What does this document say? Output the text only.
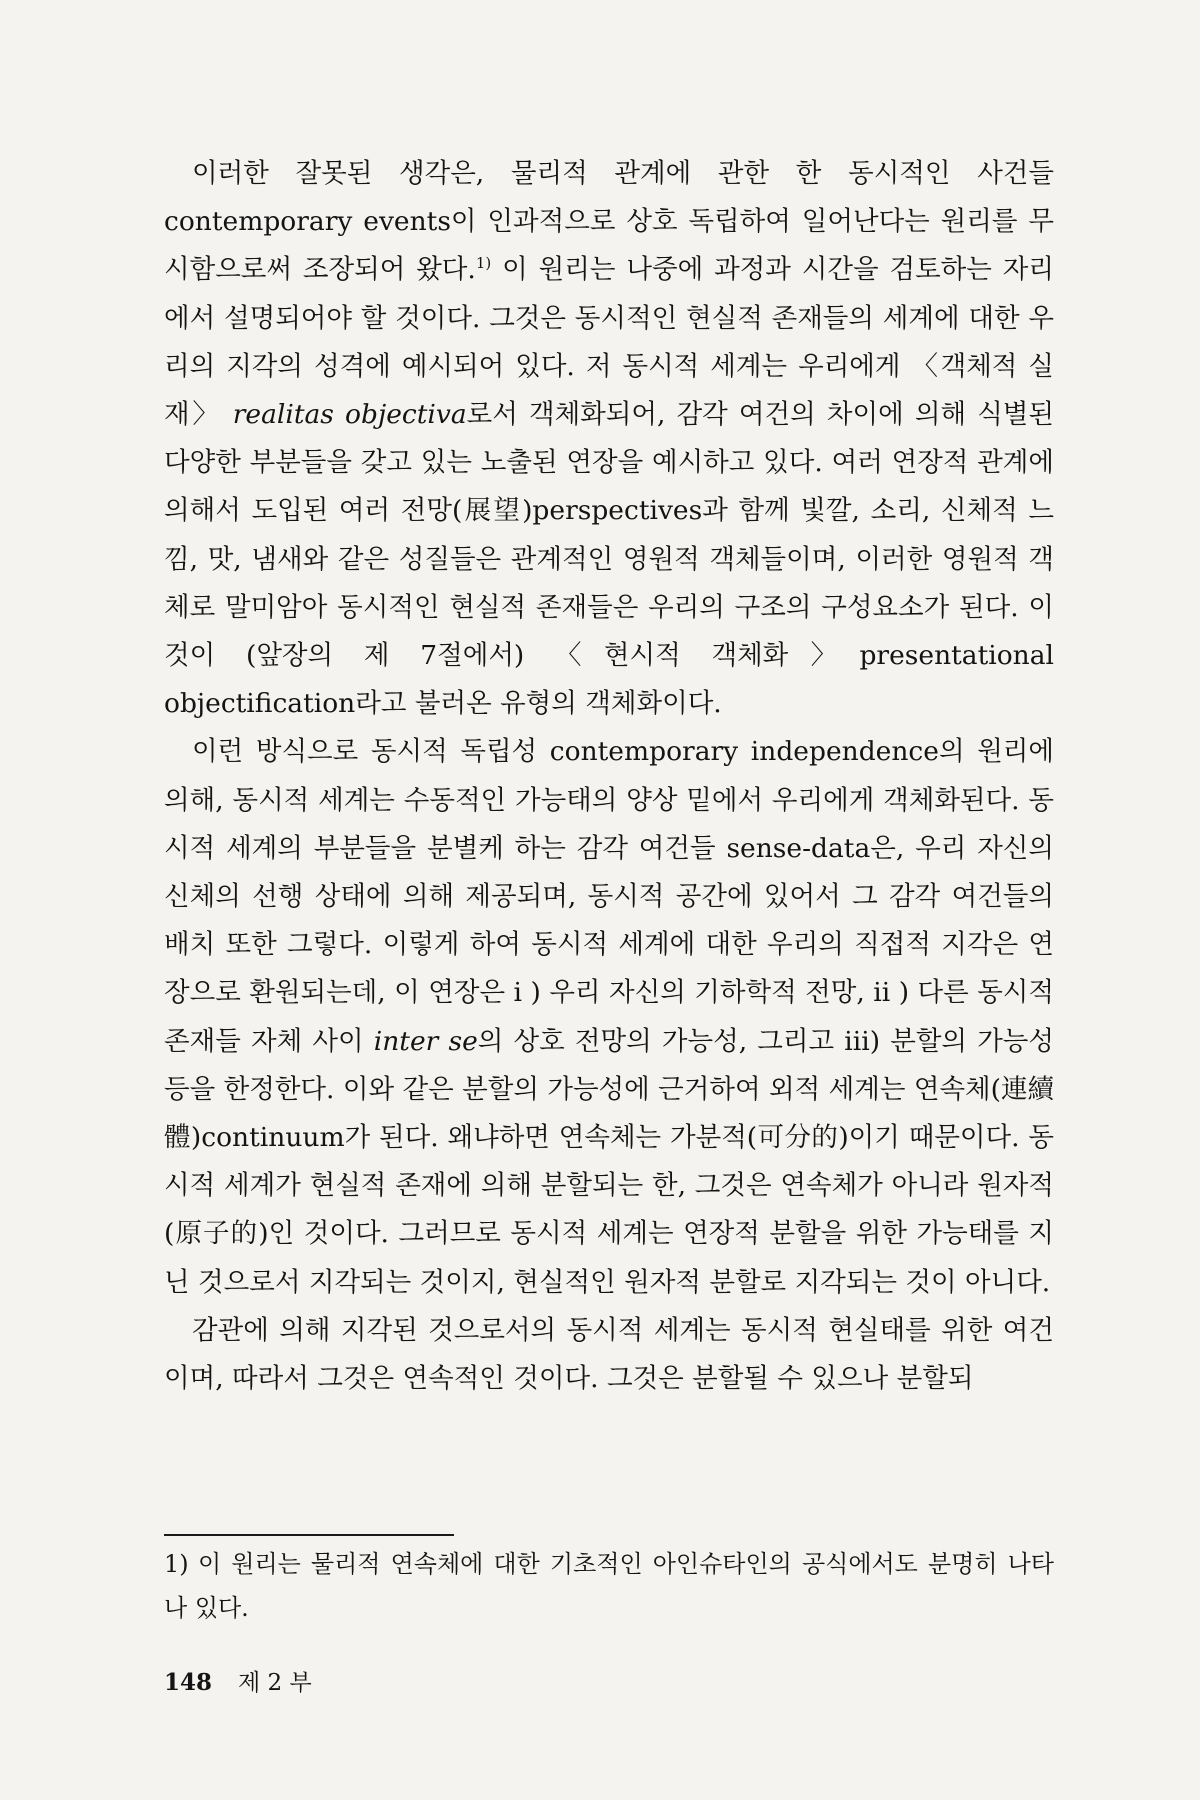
이러한 잘못된 생각은, 물리적 관계에 관한 한 동시적인 사건들 contemporary events이 인과적으로 상호 독립하여 일어난다는 원리를 무시함으로써 조장되어 왔다.$^{1)}$ 이 원리는 나중에 과정과 시간을 검토하는 자리에서 설명되어야 할 것이다. 그것은 동시적인 현실적 존재들의 세계에 대한 우리의 지각의 성격에 예시되어 있다. 저 동시적 세계는 우리에게 〈객체적 실재〉 realitas objectiva로서 객체화되어, 감각 여건의 차이에 의해 식별된 다양한 부분들을 갖고 있는 노출된 연장을 예시하고 있다. 여러 연장적 관계에 의해서 도입된 여러 전망(展望)perspectives과 함께 빛깔, 소리, 신체적 느낌, 맛, 냄새와 같은 성질들은 관계적인 영원적 객체들이며, 이러한 영원적 객체로 말미암아 동시적인 현실적 존재들은 우리의 구조의 구성요소가 된다. 이것이 (앞장의 제 7절에서) 〈현시적 객체화〉presentational objectification라고 불러온 유형의 객체화이다.

이런 방식으로 동시적 독립성 contemporary independence의 원리에 의해, 동시적 세계는 수동적인 가능태의 양상 밑에서 우리에게 객체화된다. 동시적 세계의 부분들을 분별케 하는 감각 여건들 sense-data은, 우리 자신의 신체의 선행 상태에 의해 제공되며, 동시적 공간에 있어서 그 감각 여건들의 배치 또한 그렇다. 이렇게 하여 동시적 세계에 대한 우리의 직접적 지각은 연장으로 환원되는데, 이 연장은 i ) 우리 자신의 기하학적 전망, ii ) 다른 동시적 존재들 자체 사이 inter se의 상호 전망의 가능성, 그리고 iii) 분할의 가능성 등을 한정한다. 이와 같은 분할의 가능성에 근거하여 외적 세계는 연속체(連續體)continuum가 된다. 왜냐하면 연속체는 가분적(可分的)이기 때문이다. 동시적 세계가 현실적 존재에 의해 분할되는 한, 그것은 연속체가 아니라 원자적(原子的)인 것이다. 그러므로 동시적 세계는 연장적 분할을 위한 가능태를 지닌 것으로서 지각되는 것이지, 현실적인 원자적 분할로 지각되는 것이 아니다.

감관에 의해 지각된 것으로서의 동시적 세계는 동시적 현실태를 위한 여건이며, 따라서 그것은 연속적인 것이다. 그것은 분할될 수 있으나 분할되

1) 이 원리는 물리적 연속체에 대한 기초적인 아인슈타인의 공식에서도 분명히 나타나 있다.
148 제 2 부
